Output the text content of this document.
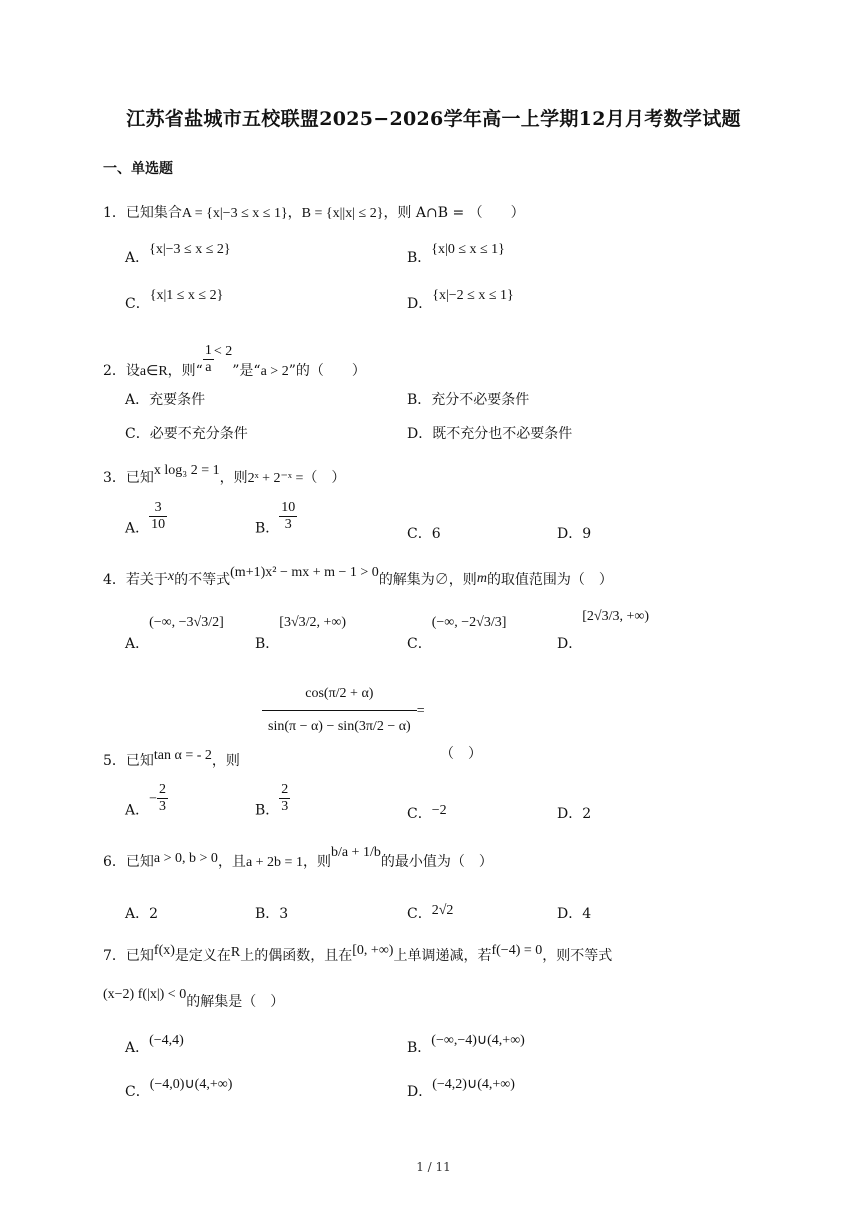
江苏省盐城市五校联盟2025−2026学年高一上学期12月月考数学试题
一、单选题
1．已知集合A = {x|−3 ≤ x ≤ 1}，B = {x||x| ≤ 2}，则 A∩B = （　　）
A．{x|−3 ≤ x ≤ 2}
B．{x|0 ≤ x ≤ 1}
C．{x|1 ≤ x ≤ 2}
D．{x|−2 ≤ x ≤ 1}
2．设a∈R，则“ $\frac{1}{a} < 2$”是“a > 2”的（　　）
A．充要条件	B．充分不必要条件
C．必要不充分条件	D．既不充分也不必要条件
3．已知x log₃ 2 = 1，则2ˣ + 2⁻ˣ =（　）
A． $\frac{3}{10}$	B． $\frac{10}{3}$
C．6	D．9
4．若关于x的不等式(m+1)x² − mx + m − 1 > 0的解集为∅，则m的取值范围为（　）
A．(−∞, −3√3/2]
B．[3√3/2, +∞)
C．(−∞, −2√3/3]
D．[2√3/3, +∞)
$\frac{\cos(\pi/2 + \alpha)}{\sin(\pi - \alpha) - \sin(3\pi/2 - \alpha)}$ =
5．已知tan α = - 2，则	（　）
A．− $\frac{2}{3}$	B． $\frac{2}{3}$	C．−2	D．2
6．已知a > 0, b > 0，且a + 2b = 1，则b/a + 1/b的最小值为（　）
A．2	B．3	C．2√2	D．4
7．已知f(x)是定义在R上的偶函数，且在[0, +∞)上单调递减，若f(−4) = 0，则不等式
(x−2) f(|x|) < 0的解集是（　）
A．(−4,4)	B．(−∞,−4)∪(4,+∞)
C．(−4,0)∪(4,+∞)	D．(−4,2)∪(4,+∞)
1 / 11
